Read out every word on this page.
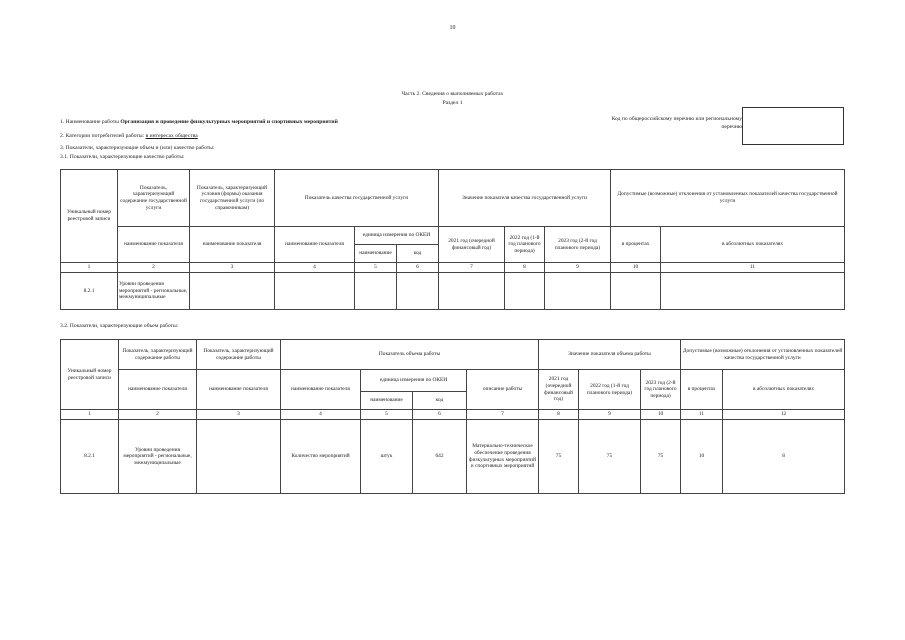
10
Часть 2. Сведения о выполняемых работах
Раздел 1
1. Наименование работы Организация и проведение физкультурных мероприятий и спортивных мероприятий
2. Категории потребителей работы: в интересах общества
3. Показатели, характеризующие объем и (или) качество работы:
3.1. Показатели, характеризующие качество работы:
Код по общероссийскому перечню или региональному перечню
Уникальный номер реестровой записи	Показатель, характеризующий содержание государственной услуги	Показатель, характеризующий условия (формы) оказания государственной услуги (по справочникам)	Показатель качества государственной услуги			Значение показателя качества государственной услуги			Допустимые (возможные) отклонения от установленных показателей качества государственной услуги	
	наименование показателя	наименование показателя	наименование показателя	единица измерения по ОКЕИ		2021 год (очередной финансовый год)	2022 год (1-й год планового периода)	2023 год (2-й год планового периода)	в процентах	в абсолютных показателях
				наименование	код					
1	2	3	4	5	6	7	8	9	10	11
8.2.1	Уровни проведения мероприятий - региональные, межмуниципальные									
3.2. Показатели, характеризующие объем работы:
Уникальный номер реестровой записи	Показатель, характеризующий содержание работы	Показатель, характеризующий содержание работы	Показатель объема работы				Значение показателя объема работы			Допустимые (возможные) отклонения от установленных показателей качества государственной услуги	
	наименование показателя	наименование показателя	наименование показателя	единица измерения по ОКЕИ		описание работы	2021 год (очередной финансовый год)	2022 год (1-й год планового периода)	2023 год (2-й год планового периода)	в процентах	в абсолютных показателях
				наименование	код						
1	2	3	4	5	6	7	8	9	10	11	12
8.2.1	Уровни проведения мероприятий - региональные, межмуниципальные		Количество мероприятий	штук	642	Материально-техническое обеспечение проведения физкультурных мероприятий и спортивных мероприятий	75	75	75	10	8
